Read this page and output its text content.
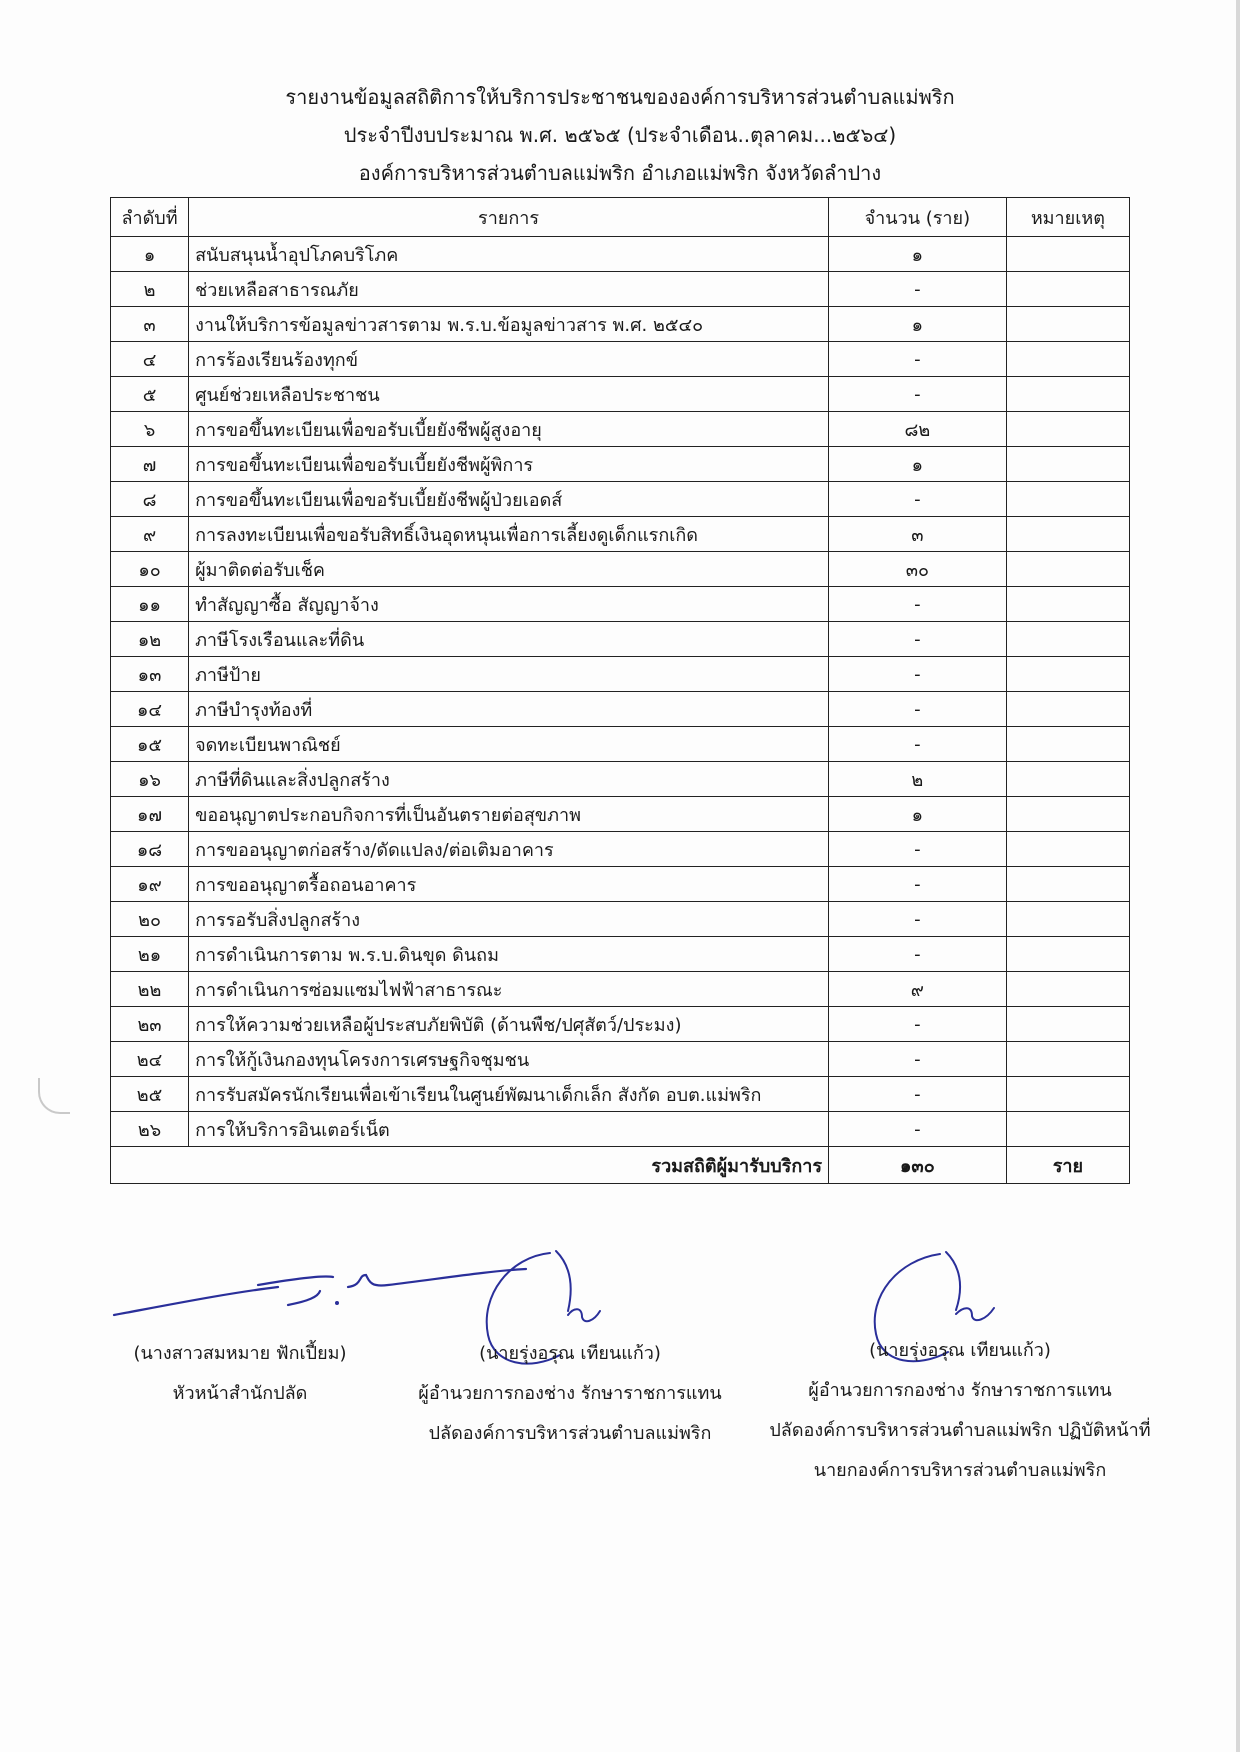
รายงานข้อมูลสถิติการให้บริการประชาชนขององค์การบริหารส่วนตำบลแม่พริก
ประจำปีงบประมาณ พ.ศ. ๒๕๖๕ (ประจำเดือน..ตุลาคม...๒๕๖๔)
องค์การบริหารส่วนตำบลแม่พริก อำเภอแม่พริก จังหวัดลำปาง
ลำดับที่	รายการ	จำนวน (ราย)	หมายเหตุ
๑	สนับสนุนน้ำอุปโภคบริโภค	๑	
๒	ช่วยเหลือสาธารณภัย	-	
๓	งานให้บริการข้อมูลข่าวสารตาม พ.ร.บ.ข้อมูลข่าวสาร พ.ศ. ๒๕๔๐	๑	
๔	การร้องเรียนร้องทุกข์	-	
๕	ศูนย์ช่วยเหลือประชาชน	-	
๖	การขอขึ้นทะเบียนเพื่อขอรับเบี้ยยังชีพผู้สูงอายุ	๘๒	
๗	การขอขึ้นทะเบียนเพื่อขอรับเบี้ยยังชีพผู้พิการ	๑	
๘	การขอขึ้นทะเบียนเพื่อขอรับเบี้ยยังชีพผู้ป่วยเอดส์	-	
๙	การลงทะเบียนเพื่อขอรับสิทธิ์เงินอุดหนุนเพื่อการเลี้ยงดูเด็กแรกเกิด	๓	
๑๐	ผู้มาติดต่อรับเช็ค	๓๐	
๑๑	ทำสัญญาซื้อ สัญญาจ้าง	-	
๑๒	ภาษีโรงเรือนและที่ดิน	-	
๑๓	ภาษีป้าย	-	
๑๔	ภาษีบำรุงท้องที่	-	
๑๕	จดทะเบียนพาณิชย์	-	
๑๖	ภาษีที่ดินและสิ่งปลูกสร้าง	๒	
๑๗	ขออนุญาตประกอบกิจการที่เป็นอันตรายต่อสุขภาพ	๑	
๑๘	การขออนุญาตก่อสร้าง/ดัดแปลง/ต่อเติมอาคาร	-	
๑๙	การขออนุญาตรื้อถอนอาคาร	-	
๒๐	การรอรับสิ่งปลูกสร้าง	-	
๒๑	การดำเนินการตาม พ.ร.บ.ดินขุด ดินถม	-	
๒๒	การดำเนินการซ่อมแซมไฟฟ้าสาธารณะ	๙	
๒๓	การให้ความช่วยเหลือผู้ประสบภัยพิบัติ (ด้านพืช/ปศุสัตว์/ประมง)	-	
๒๔	การให้กู้เงินกองทุนโครงการเศรษฐกิจชุมชน	-	
๒๕	การรับสมัครนักเรียนเพื่อเข้าเรียนในศูนย์พัฒนาเด็กเล็ก สังกัด อบต.แม่พริก	-	
๒๖	การให้บริการอินเตอร์เน็ต	-	
รวมสถิติผู้มารับบริการ		๑๓๐	ราย
(นางสาวสมหมาย ฟักเปี้ยม)
หัวหน้าสำนักปลัด
(นายรุ่งอรุณ เทียนแก้ว)
ผู้อำนวยการกองช่าง รักษาราชการแทน
ปลัดองค์การบริหารส่วนตำบลแม่พริก
(นายรุ่งอรุณ เทียนแก้ว)
ผู้อำนวยการกองช่าง รักษาราชการแทน
ปลัดองค์การบริหารส่วนตำบลแม่พริก ปฏิบัติหน้าที่
นายกองค์การบริหารส่วนตำบลแม่พริก
